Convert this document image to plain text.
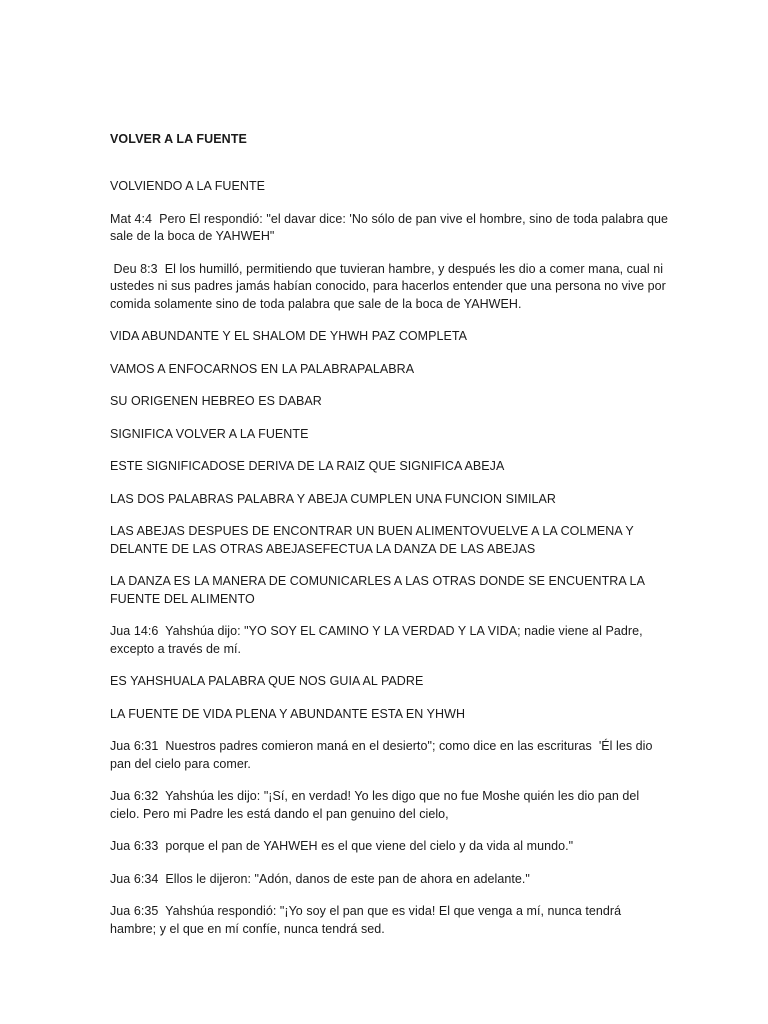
VOLVER A LA FUENTE
VOLVIENDO A LA FUENTE
Mat 4:4  Pero El respondió: "el davar dice: 'No sólo de pan vive el hombre, sino de toda palabra que sale de la boca de YAHWEH"
Deu 8:3  El los humilló, permitiendo que tuvieran hambre, y después les dio a comer mana, cual ni ustedes ni sus padres jamás habían conocido, para hacerlos entender que una persona no vive por comida solamente sino de toda palabra que sale de la boca de YAHWEH.
VIDA ABUNDANTE Y EL SHALOM DE YHWH PAZ COMPLETA
VAMOS A ENFOCARNOS EN LA PALABRAPALABRA
SU ORIGENEN HEBREO ES DABAR
SIGNIFICA VOLVER A LA FUENTE
ESTE SIGNIFICADOSE DERIVA DE LA RAIZ QUE SIGNIFICA ABEJA
LAS DOS PALABRAS PALABRA Y ABEJA CUMPLEN UNA FUNCION SIMILAR
LAS ABEJAS DESPUES DE ENCONTRAR UN BUEN ALIMENTOVUELVE A LA COLMENA Y DELANTE DE LAS OTRAS ABEJASEFECTUA LA DANZA DE LAS ABEJAS
LA DANZA ES LA MANERA DE COMUNICARLES A LAS OTRAS DONDE SE ENCUENTRA LA FUENTE DEL ALIMENTO
Jua 14:6  Yahshúa dijo: "YO SOY EL CAMINO Y LA VERDAD Y LA VIDA; nadie viene al Padre, excepto a través de mí.
ES YAHSHUALA PALABRA QUE NOS GUIA AL PADRE
LA FUENTE DE VIDA PLENA Y ABUNDANTE ESTA EN YHWH
Jua 6:31  Nuestros padres comieron maná en el desierto"; como dice en las escrituras  'Él les dio pan del cielo para comer.
Jua 6:32  Yahshúa les dijo: "¡Sí, en verdad! Yo les digo que no fue Moshe quién les dio pan del cielo. Pero mi Padre les está dando el pan genuino del cielo,
Jua 6:33  porque el pan de YAHWEH es el que viene del cielo y da vida al mundo."
Jua 6:34  Ellos le dijeron: "Adón, danos de este pan de ahora en adelante."
Jua 6:35  Yahshúa respondió: "¡Yo soy el pan que es vida! El que venga a mí, nunca tendrá hambre; y el que en mí confíe, nunca tendrá sed.
